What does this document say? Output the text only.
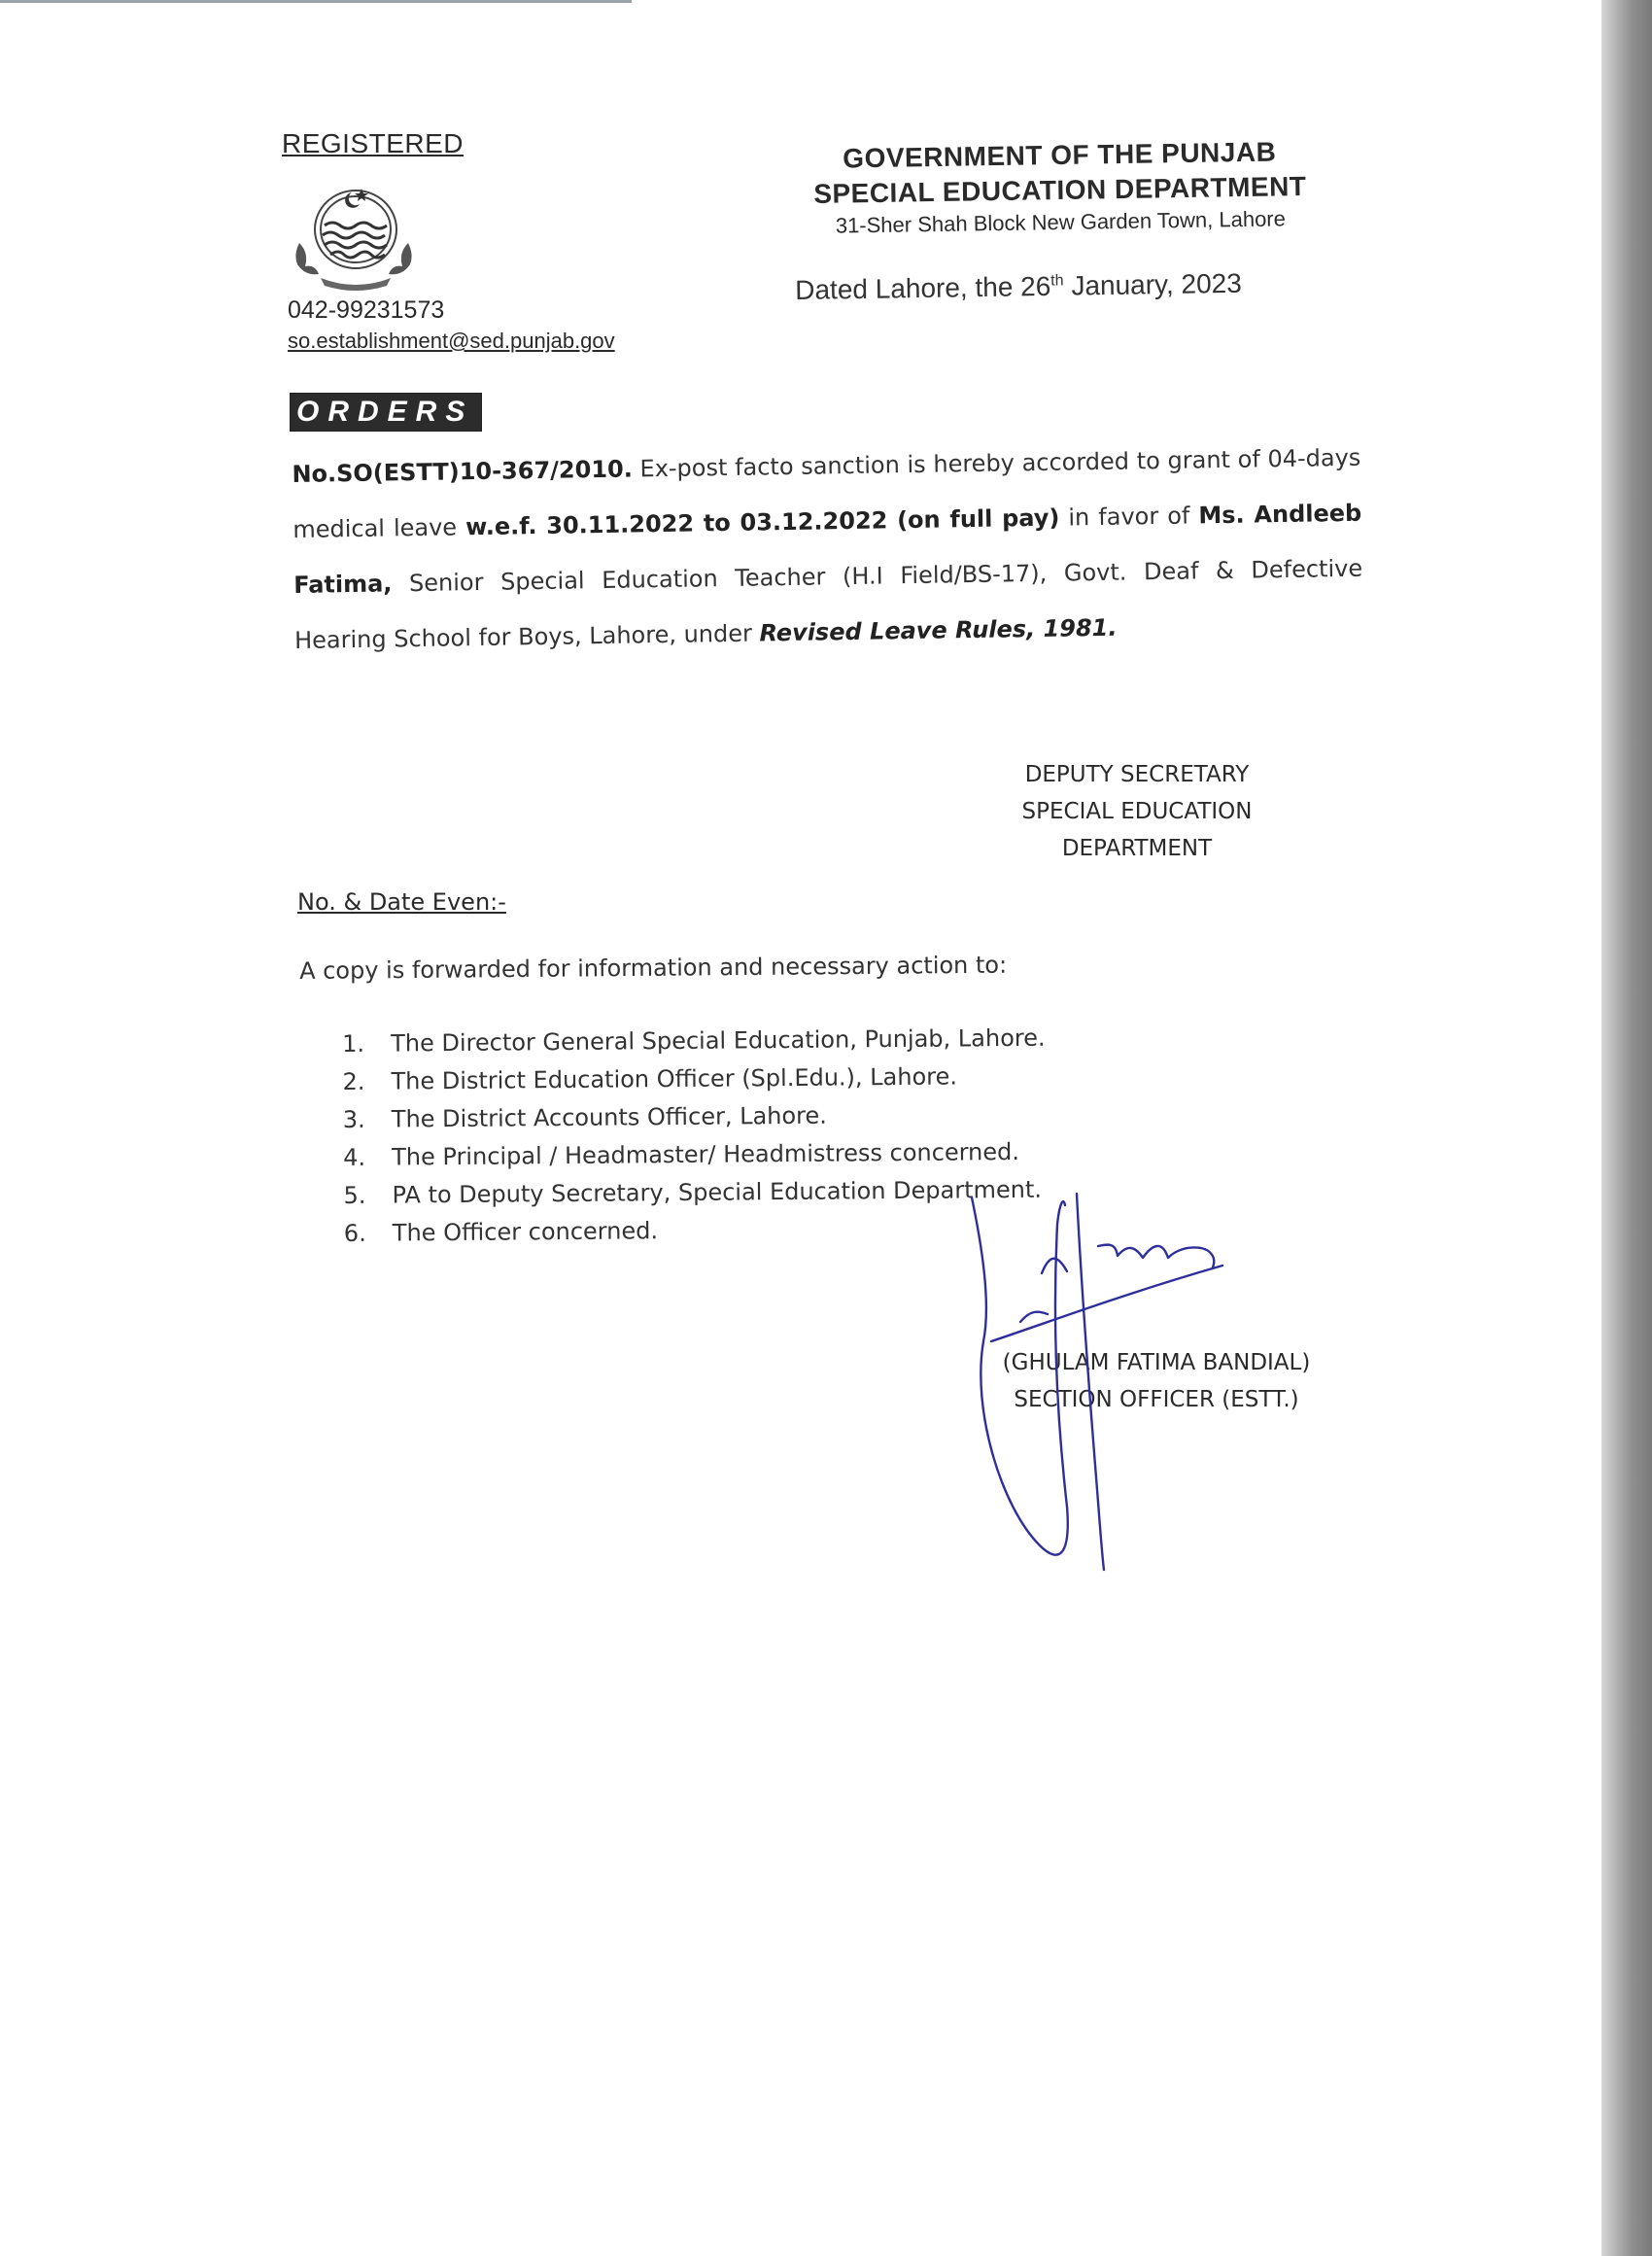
REGISTERED
042-99231573
so.establishment@sed.punjab.gov
GOVERNMENT OF THE PUNJAB
SPECIAL EDUCATION DEPARTMENT
31-Sher Shah Block New Garden Town, Lahore
Dated Lahore, the 26th January, 2023
ORDERS
No.SO(ESTT)10-367/2010. Ex-post facto sanction is hereby accorded to grant of 04-days medical leave w.e.f. 30.11.2022 to 03.12.2022 (on full pay) in favor of Ms. Andleeb Fatima, Senior Special Education Teacher (H.I Field/BS-17), Govt. Deaf & Defective Hearing School for Boys, Lahore, under Revised Leave Rules, 1981.
DEPUTY SECRETARY
SPECIAL EDUCATION
DEPARTMENT
No. & Date Even:-
A copy is forwarded for information and necessary action to:
1.	The Director General Special Education, Punjab, Lahore.
2.	The District Education Officer (Spl.Edu.), Lahore.
3.	The District Accounts Officer, Lahore.
4.	The Principal / Headmaster/ Headmistress concerned.
5.	PA to Deputy Secretary, Special Education Department.
6.	The Officer concerned.
(GHULAM FATIMA BANDIAL)
SECTION OFFICER (ESTT.)
